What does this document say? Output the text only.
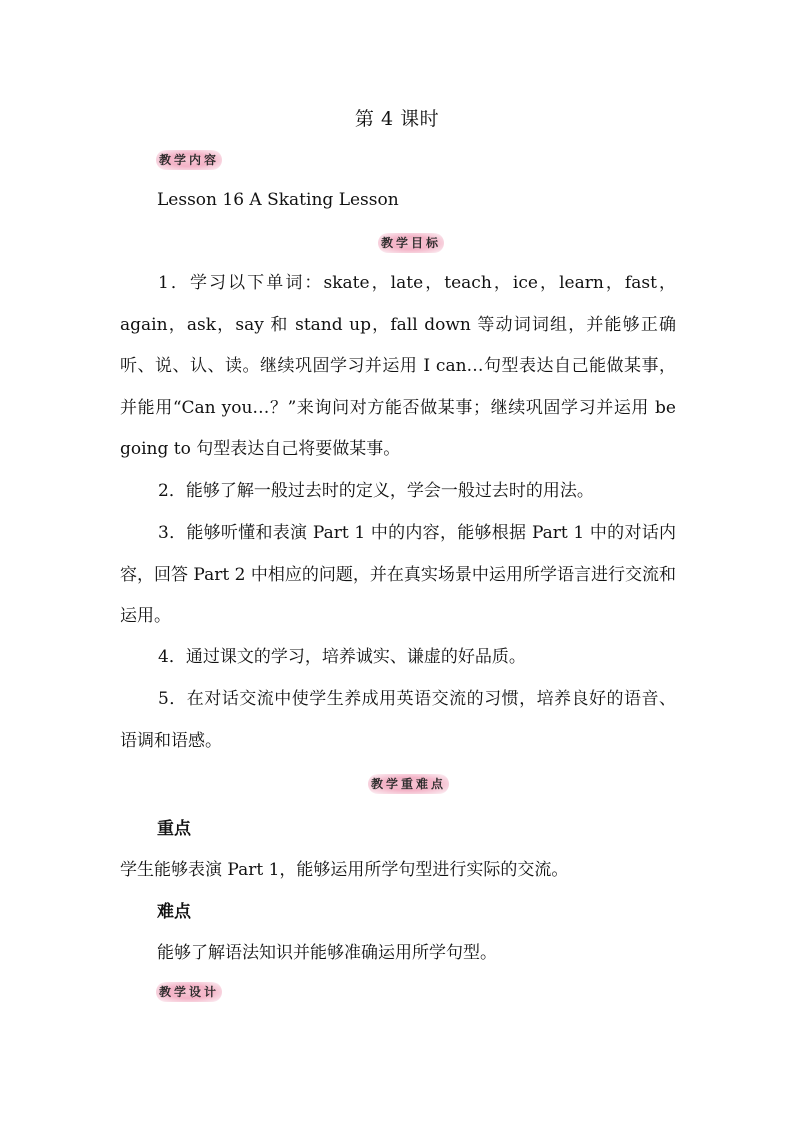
第 4 课时
教学内容
Lesson 16 A Skating Lesson
教学目标
1．学习以下单词：skate，late，teach，ice，learn，fast，again，ask，say 和 stand up，fall down 等动词词组，并能够正确听、说、认、读。继续巩固学习并运用 I can…句型表达自己能做某事，并能用“Can you…？”来询问对方能否做某事；继续巩固学习并运用 be going to 句型表达自己将要做某事。
2．能够了解一般过去时的定义，学会一般过去时的用法。
3．能够听懂和表演 Part 1 中的内容，能够根据 Part 1 中的对话内容，回答 Part 2 中相应的问题，并在真实场景中运用所学语言进行交流和运用。
4．通过课文的学习，培养诚实、谦虚的好品质。
5．在对话交流中使学生养成用英语交流的习惯，培养良好的语音、语调和语感。
教学重难点
重点
学生能够表演 Part 1，能够运用所学句型进行实际的交流。
难点
能够了解语法知识并能够准确运用所学句型。
教学设计
